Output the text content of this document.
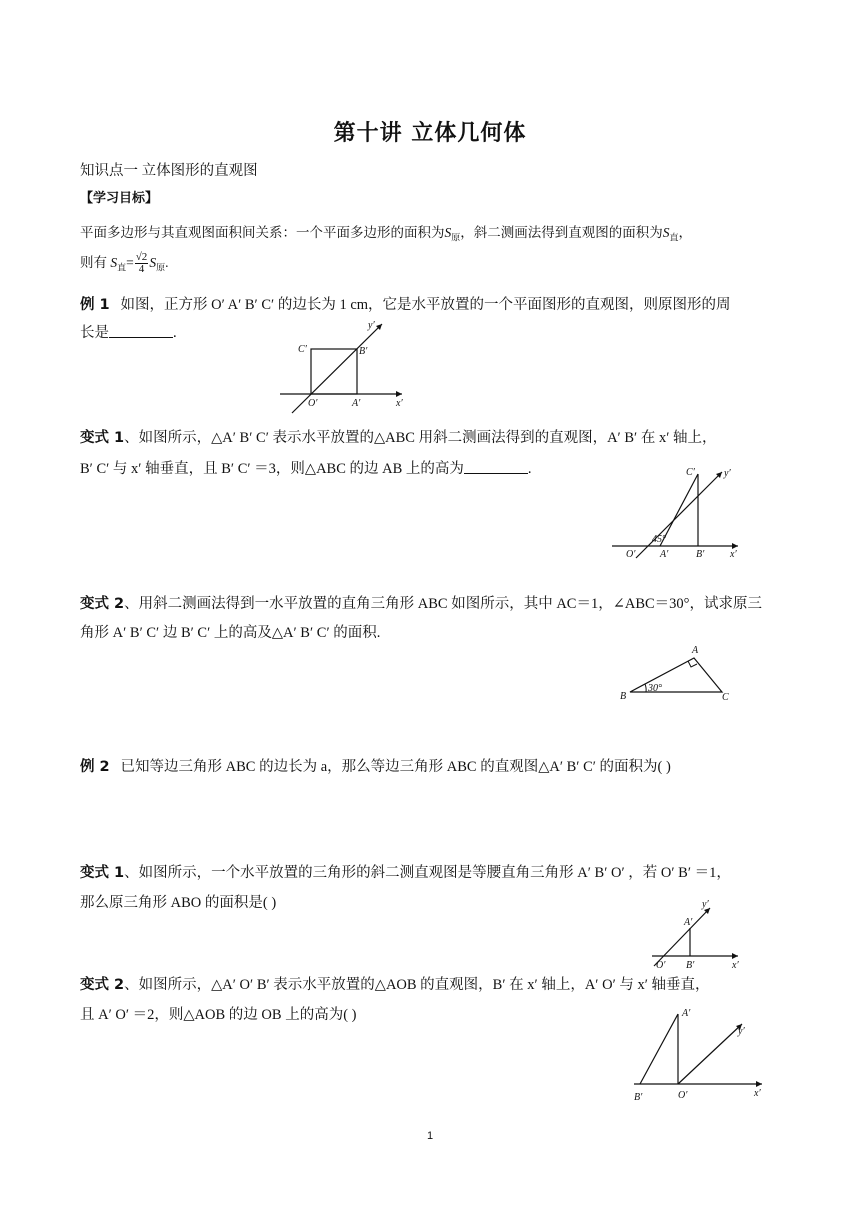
第十讲 立体几何体
知识点一 立体图形的直观图
【学习目标】
平面多边形与其直观图面积间关系：一个平面多边形的面积为$S_原$，斜二测画法得到直观图的面积为$S_直$，
则有 $S_直= \frac{√2}{4} S_原$.
例 1 如图，正方形 O′ A′ B′ C′ 的边长为 1 cm，它是水平放置的一个平面图形的直观图，则原图形的周
长是	.
C′	B′
O′	A′	x′
y′
变式 1、如图所示，△A′ B′ C′ 表示水平放置的△ABC 用斜二测画法得到的直观图，A′ B′ 在 x′ 轴上，
B′ C′ 与 x′ 轴垂直，且 B′ C′ ＝3，则△ABC 的边 AB 上的高为	.	C′	y′
45°
O′ A′	B′	x′
变式 2、用斜二测画法得到一水平放置的直角三角形 ABC 如图所示，其中 AC＝1，∠ABC＝30°，试求原三
角形 A′ B′ C′ 边 B′ C′ 上的高及△A′ B′ C′ 的面积.
A
B	C
30°
例 2 已知等边三角形 ABC 的边长为 a，那么等边三角形 ABC 的直观图△A′ B′ C′ 的面积为( )
变式 1、如图所示，一个水平放置的三角形的斜二测直观图是等腰直角三角形 A′ B′ O′ ，若 O′ B′ ＝1，
那么原三角形 ABO 的面积是( )	y′
A′
O′ B′	x′
变式 2、如图所示，△A′ O′ B′ 表示水平放置的△AOB 的直观图，B′ 在 x′ 轴上，A′ O′ 与 x′ 轴垂直，
且 A′ O′ ＝2，则△AOB 的边 OB 上的高为( )	A′
y′
B′	O′	x′
1
